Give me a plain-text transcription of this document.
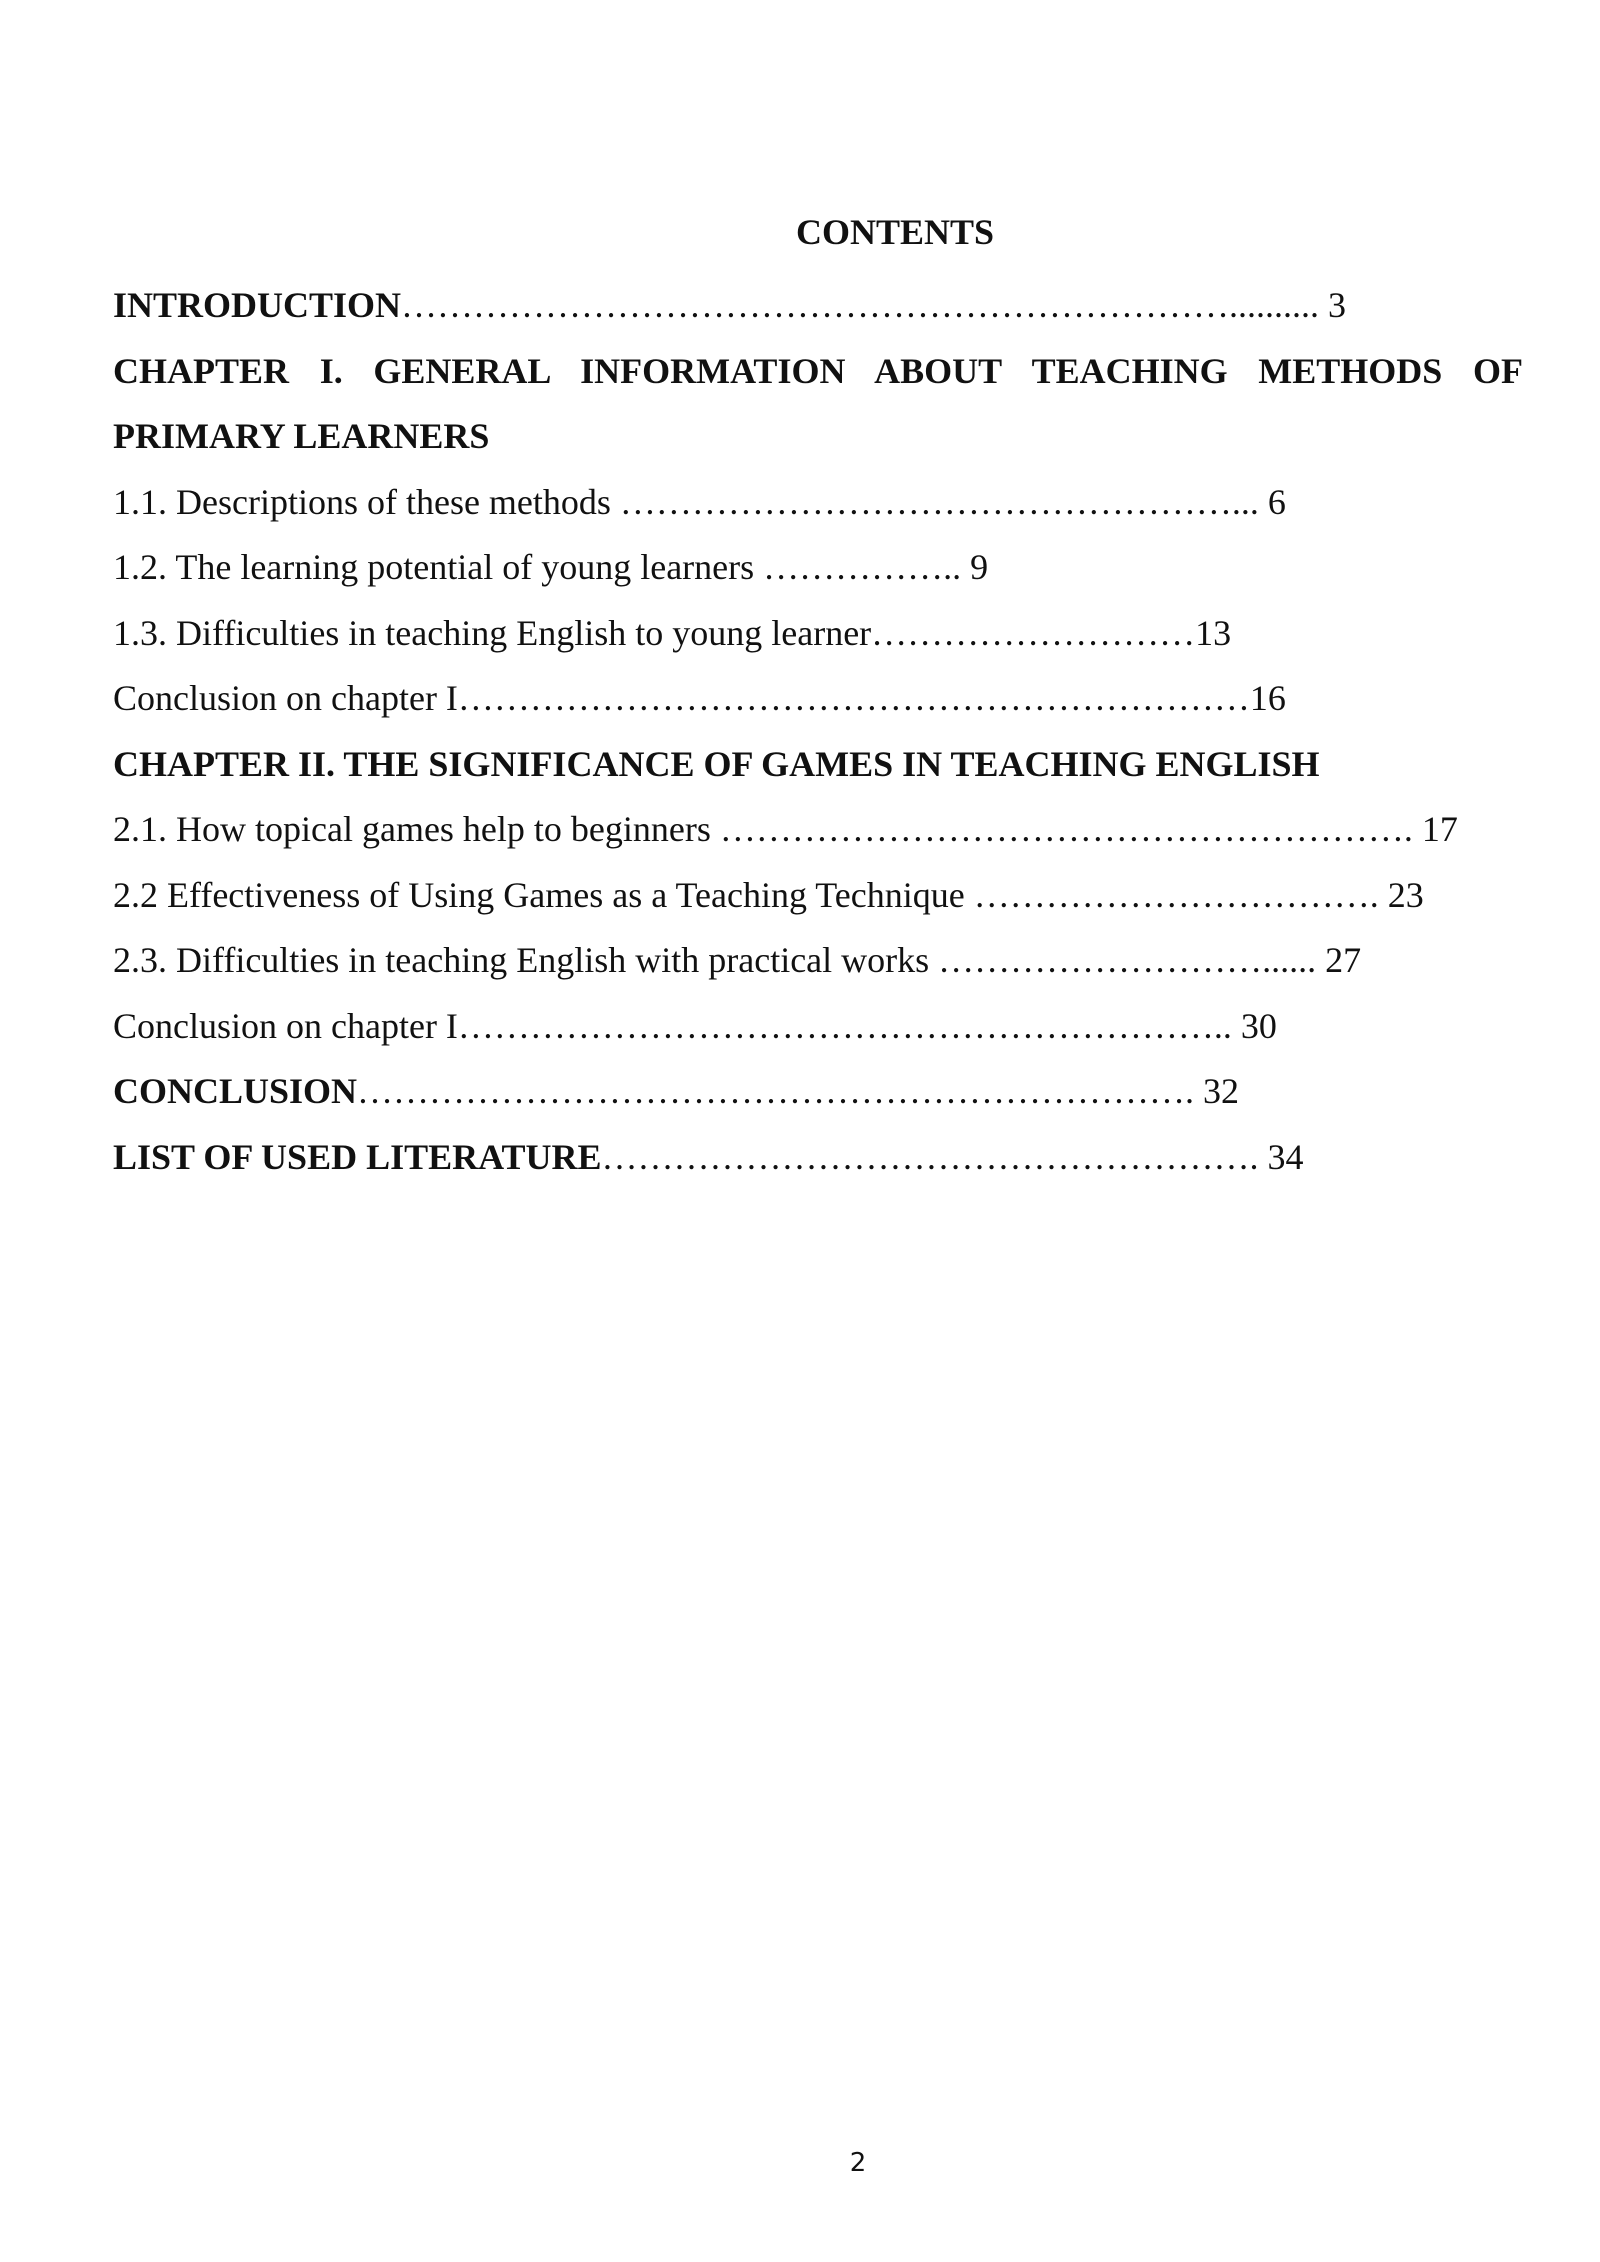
CONTENTS
INTRODUCTION…………………………………………………………….......... 3
CHAPTER I. GENERAL INFORMATION ABOUT TEACHING METHODS OF
PRIMARY LEARNERS
1.1. Descriptions of these methods ……………………………………………... 6
1.2. The learning potential of young learners …………….. 9
1.3. Difficulties in teaching English to young learner………………………13
Conclusion on chapter I…………………………………………………………16
CHAPTER II. THE SIGNIFICANCE OF GAMES IN TEACHING ENGLISH
2.1. How topical games help to beginners …………………………………………………. 17
2.2 Effectiveness of Using Games as a Teaching Technique ……………………………. 23
2.3. Difficulties in teaching English with practical works ………………………...... 27
Conclusion on chapter I……………………………………………………….. 30
CONCLUSION……………………………………………………………. 32
LIST OF USED LITERATURE………………………………………………. 34
2
